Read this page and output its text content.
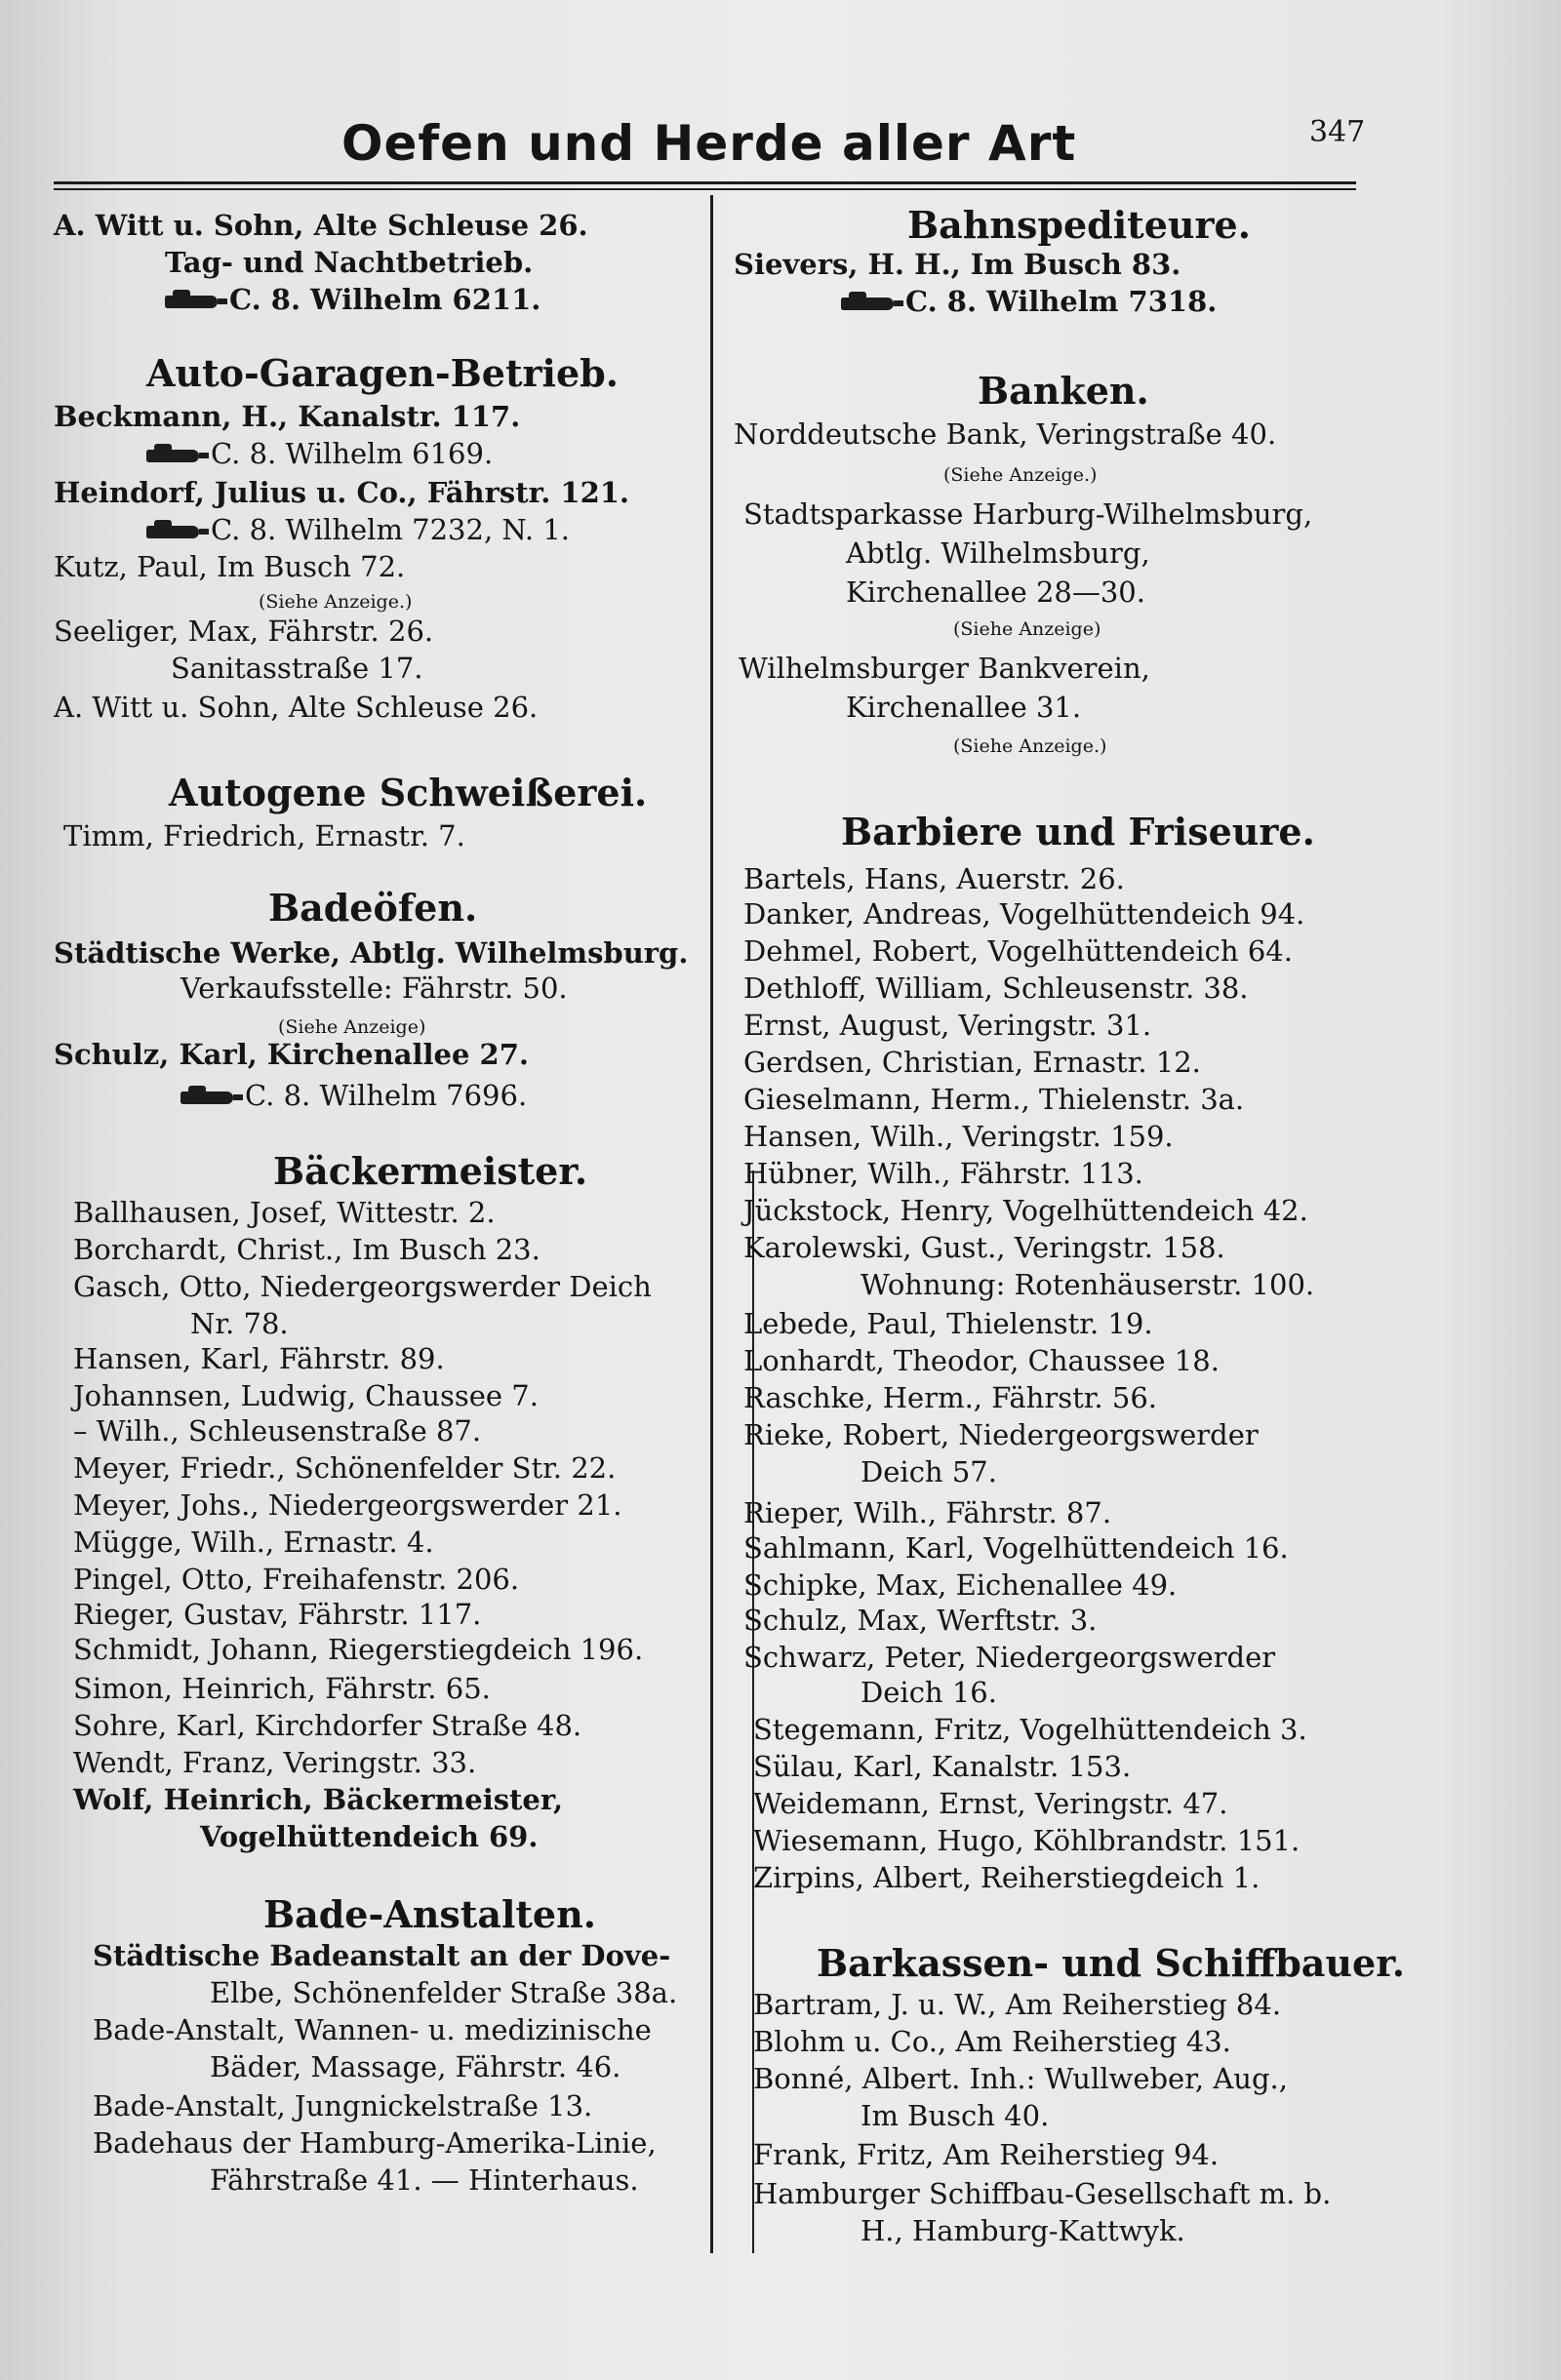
Oefen und Herde aller Art	347
A. Witt u. Sohn, Alte Schleuse 26.
Tag- und Nachtbetrieb.
C. 8. Wilhelm 6211.
Auto-Garagen-Betrieb.
Beckmann, H., Kanalstr. 117.
C. 8. Wilhelm 6169.
Heindorf, Julius u. Co., Fährstr. 121.
C. 8. Wilhelm 7232, N. 1.
Kutz, Paul, Im Busch 72.
(Siehe Anzeige.)
Seeliger, Max, Fährstr. 26.
Sanitasstraße 17.
A. Witt u. Sohn, Alte Schleuse 26.
Autogene Schweißerei.
Timm, Friedrich, Ernastr. 7.
Badeöfen.
Städtische Werke, Abtlg. Wilhelmsburg.
Verkaufsstelle: Fährstr. 50.
(Siehe Anzeige)
Schulz, Karl, Kirchenallee 27.
C. 8. Wilhelm 7696.
Bäckermeister.
Ballhausen, Josef, Wittestr. 2.
Borchardt, Christ., Im Busch 23.
Gasch, Otto, Niedergeorgswerder Deich
Nr. 78.
Hansen, Karl, Fährstr. 89.
Johannsen, Ludwig, Chaussee 7.
– Wilh., Schleusenstraße 87.
Meyer, Friedr., Schönenfelder Str. 22.
Meyer, Johs., Niedergeorgswerder 21.
Mügge, Wilh., Ernastr. 4.
Pingel, Otto, Freihafenstr. 206.
Rieger, Gustav, Fährstr. 117.
Schmidt, Johann, Riegerstiegdeich 196.
Simon, Heinrich, Fährstr. 65.
Sohre, Karl, Kirchdorfer Straße 48.
Wendt, Franz, Veringstr. 33.
Wolf, Heinrich, Bäckermeister,
Vogelhüttendeich 69.
Bade-Anstalten.
Städtische Badeanstalt an der Dove-
Elbe, Schönenfelder Straße 38a.
Bade-Anstalt, Wannen- u. medizinische
Bäder, Massage, Fährstr. 46.
Bade-Anstalt, Jungnickelstraße 13.
Badehaus der Hamburg-Amerika-Linie,
Fährstraße 41. — Hinterhaus.
Bahnspediteure.
Sievers, H. H., Im Busch 83.
C. 8. Wilhelm 7318.
Banken.
Norddeutsche Bank, Veringstraße 40.
(Siehe Anzeige.)
Stadtsparkasse Harburg-Wilhelmsburg,
Abtlg. Wilhelmsburg,
Kirchenallee 28—30.
(Siehe Anzeige)
Wilhelmsburger Bankverein,
Kirchenallee 31.
(Siehe Anzeige.)
Barbiere und Friseure.
Bartels, Hans, Auerstr. 26.
Danker, Andreas, Vogelhüttendeich 94.
Dehmel, Robert, Vogelhüttendeich 64.
Dethloff, William, Schleusenstr. 38.
Ernst, August, Veringstr. 31.
Gerdsen, Christian, Ernastr. 12.
Gieselmann, Herm., Thielenstr. 3a.
Hansen, Wilh., Veringstr. 159.
Hübner, Wilh., Fährstr. 113.
Jückstock, Henry, Vogelhüttendeich 42.
Karolewski, Gust., Veringstr. 158.
Wohnung: Rotenhäuserstr. 100.
Lebede, Paul, Thielenstr. 19.
Lonhardt, Theodor, Chaussee 18.
Raschke, Herm., Fährstr. 56.
Rieke, Robert, Niedergeorgswerder
Deich 57.
Rieper, Wilh., Fährstr. 87.
Sahlmann, Karl, Vogelhüttendeich 16.
Schipke, Max, Eichenallee 49.
Schulz, Max, Werftstr. 3.
Schwarz, Peter, Niedergeorgswerder
Deich 16.
Stegemann, Fritz, Vogelhüttendeich 3.
Sülau, Karl, Kanalstr. 153.
Weidemann, Ernst, Veringstr. 47.
Wiesemann, Hugo, Köhlbrandstr. 151.
Zirpins, Albert, Reiherstiegdeich 1.
Barkassen- und Schiffbauer.
Bartram, J. u. W., Am Reiherstieg 84.
Blohm u. Co., Am Reiherstieg 43.
Bonné, Albert. Inh.: Wullweber, Aug.,
Im Busch 40.
Frank, Fritz, Am Reiherstieg 94.
Hamburger Schiffbau-Gesellschaft m. b.
H., Hamburg-Kattwyk.
